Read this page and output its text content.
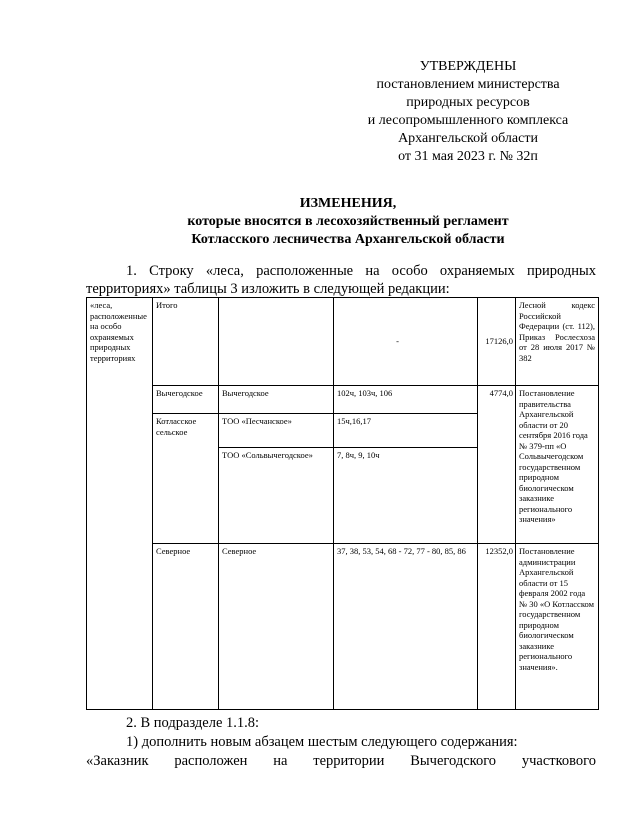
УТВЕРЖДЕНЫ
постановлением министерства
природных ресурсов
и лесопромышленного комплекса
Архангельской области
от 31 мая 2023 г. № 32п
ИЗМЕНЕНИЯ,
которые вносятся в лесохозяйственный регламент
Котласского лесничества Архангельской области
1. Строку «леса, расположенные на особо охраняемых природных
территориях» таблицы 3 изложить в следующей редакции:
«леса, расположенные на особо охраняемых природных территориях	Итого		-	17126,0	Лесной кодекс Российской Федерации (ст. 112), Приказ Рослесхоза от 28 июля 2017 № 382
	Вычегодское	Вычегодское	102ч, 103ч, 106	4774,0	Постановление правительства Архангельской области от 20 сентября 2016 года № 379-пп «О Сольвычегодском государственном природном биологическом заказнике регионального значения»
	Котласское сельское	ТОО «Песчанское»	15ч,16,17		
		ТОО «Сольвычегодское»	7, 8ч, 9, 10ч		
	Северное	Северное	37, 38, 53, 54, 68 - 72, 77 - 80, 85, 86	12352,0	Постановление администрации Архангельской области от 15 февраля 2002 года № 30 «О Котласском государственном природном биологическом заказнике регионального значения».
2. В подразделе 1.1.8:
1) дополнить новым абзацем шестым следующего содержания:
«Заказник расположен на территории Вычегодского участкового
